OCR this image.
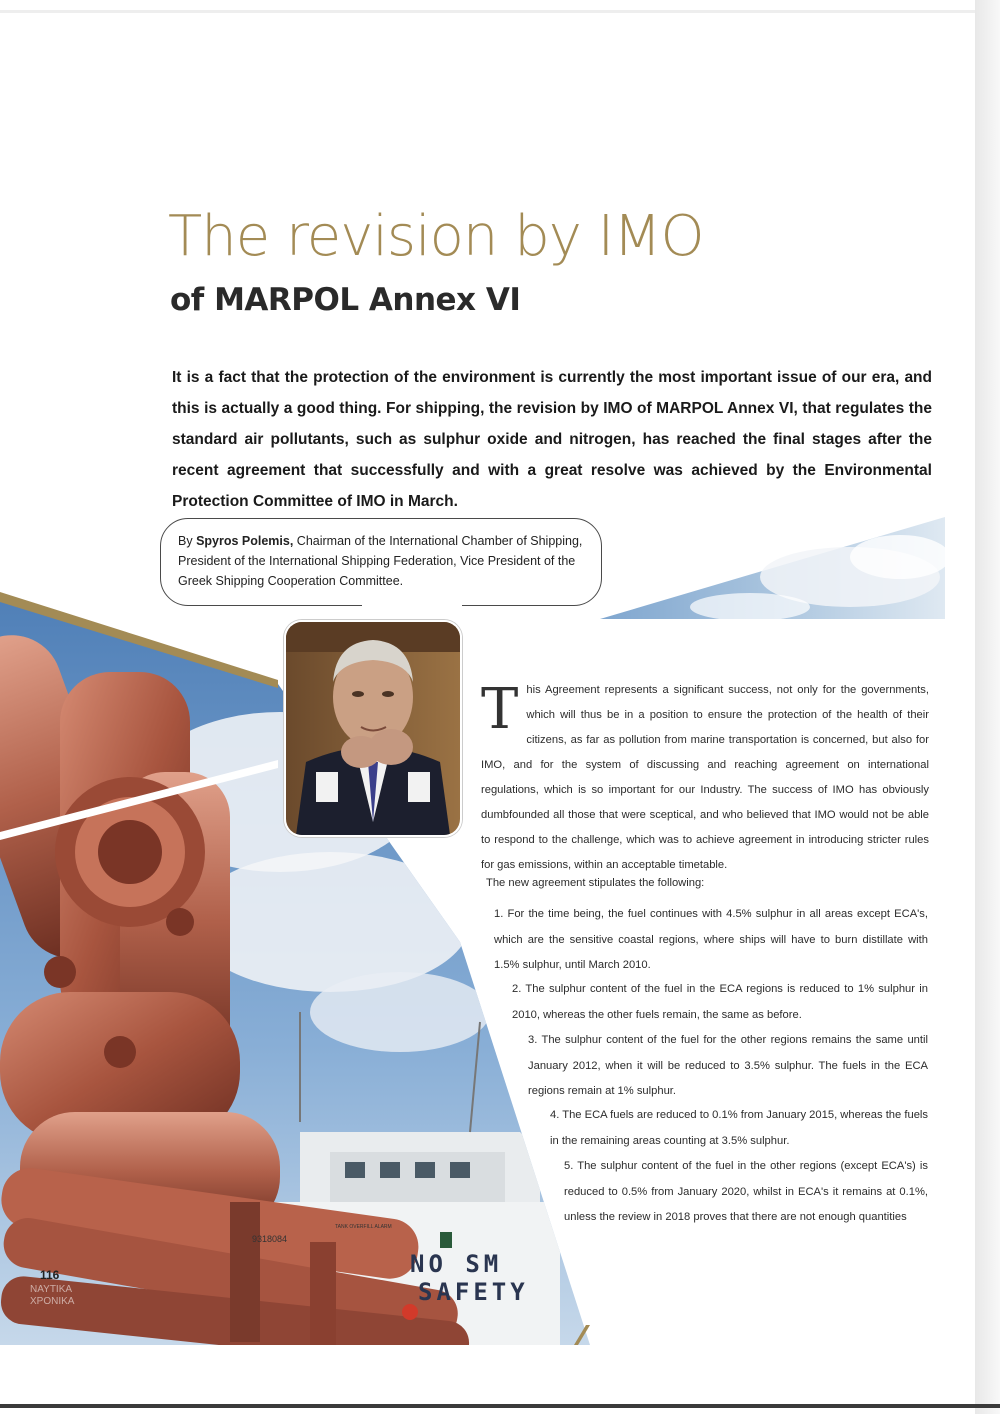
The revision by IMO
of MARPOL Annex VI

It is a fact that the protection of the environment is currently the most important issue of our era, and this is actually a good thing. For shipping, the revision by IMO of MARPOL Annex VI, that regulates the standard air pollutants, such as sulphur oxide and nitrogen, has reached the final stages after the recent agreement that successfully and with a great resolve was achieved by the Environmental Protection Committee of IMO in March.

By Spyros Polemis, Chairman of the International Chamber of Shipping, President of the International Shipping Federation, Vice President of the Greek Shipping Cooperation Committee.

9318084
TANK OVERFILL ALARM
NO SM
SAFETY
T his Agreement represents a significant success, not only for the governments, which will thus be in a position to ensure the protection of the health of their citizens, as far as pollution from marine transportation is concerned, but also for IMO, and for the system of discussing and reaching agreement on international regulations, which is so important for our Industry. The success of IMO has obviously dumbfounded all those that were sceptical, and who believed that IMO would not be able to respond to the challenge, which was to achieve agreement in introducing stricter rules for gas emissions, within an acceptable timetable.

The new agreement stipulates the following:

1. For the time being, the fuel continues with 4.5% sulphur in all areas except ECA's, which are the sensitive coastal regions, where ships will have to burn distillate with 1.5% sulphur, until March 2010.

2. The sulphur content of the fuel in the ECA regions is reduced to 1% sulphur in 2010, whereas the other fuels remain, the same as before.

3. The sulphur content of the fuel for the other regions remains the same until January 2012, when it will be reduced to 3.5% sulphur. The fuels in the ECA regions remain at 1% sulphur.

4. The ECA fuels are reduced to 0.1% from January 2015, whereas the fuels in the remaining areas counting at 3.5% sulphur.

5. The sulphur content of the fuel in the other regions (except ECA's) is reduced to 0.5% from January 2020, whilst in ECA's it remains at 0.1%, unless the review in 2018 proves that there are not enough quantities

116

ΝΑΥΤΙΚΑ
ΧΡΟΝΙΚΑ
